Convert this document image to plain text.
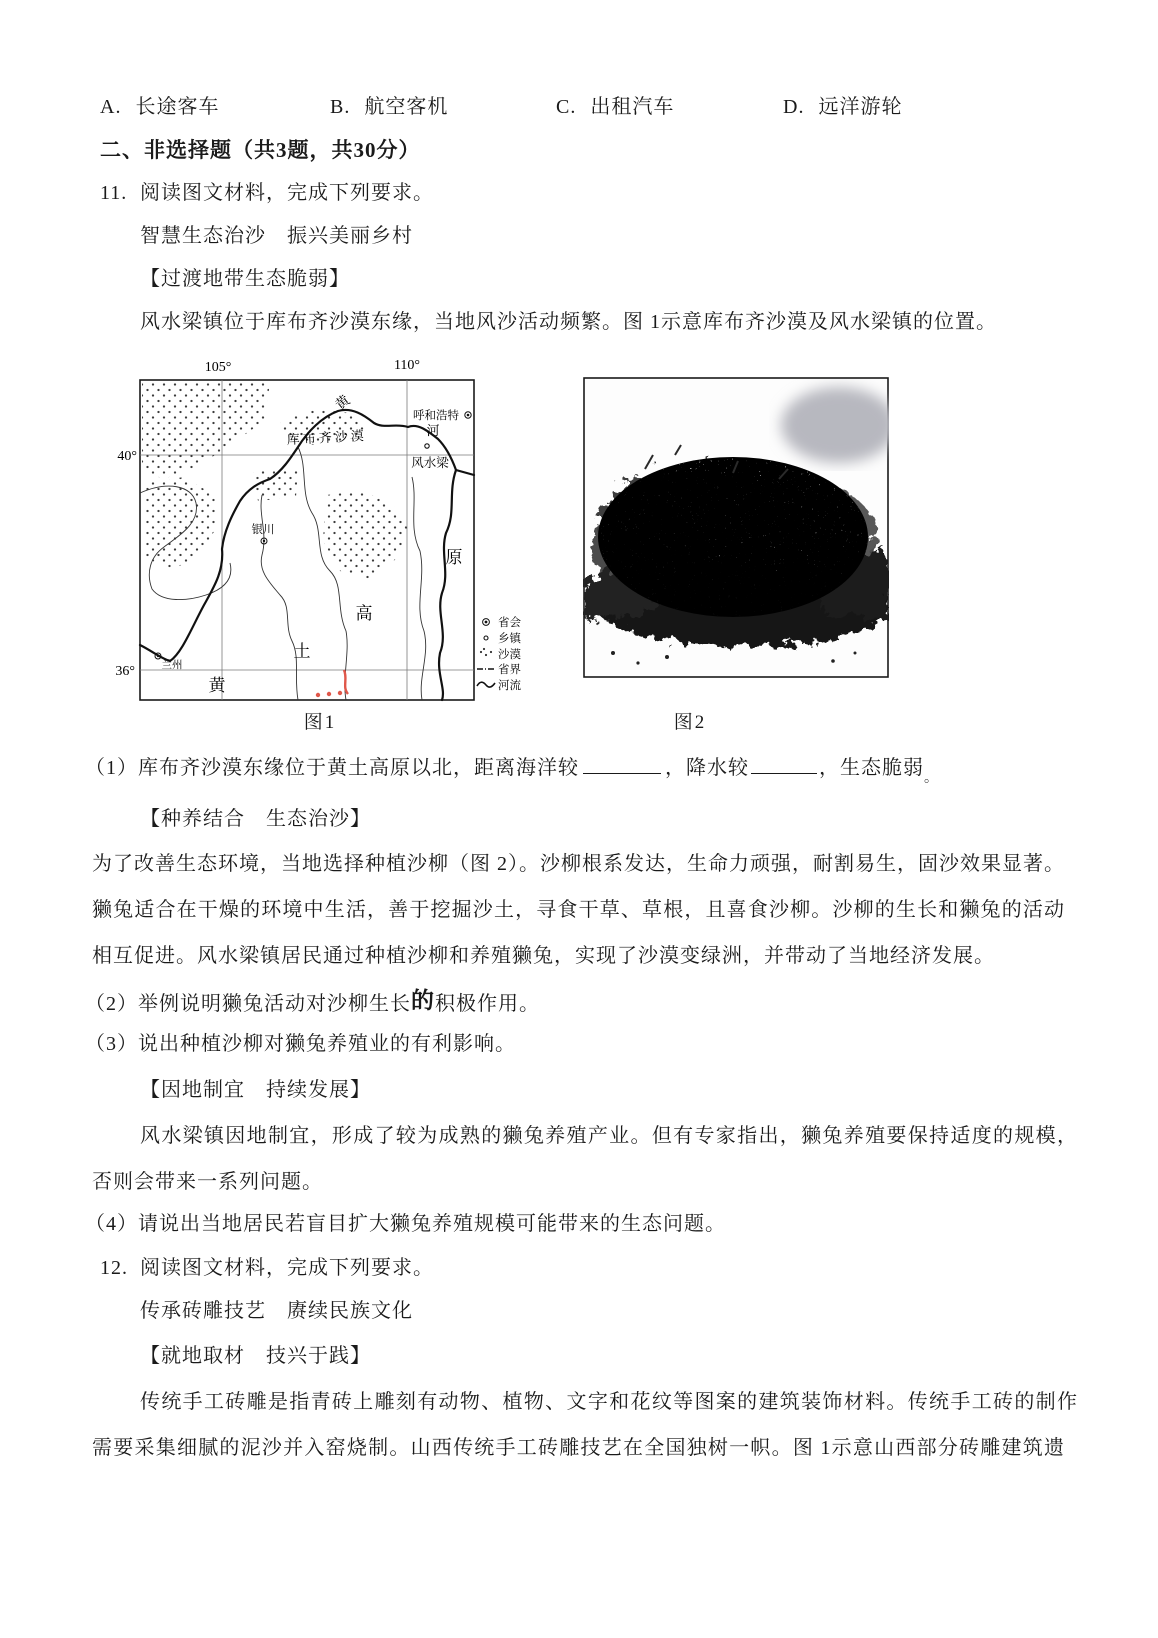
A. 长途客车	B. 航空客机	C. 出租汽车	D. 远洋游轮
二、非选择题（共3题，共30分）
11. 阅读图文材料，完成下列要求。
智慧生态治沙　振兴美丽乡村
【过渡地带生态脆弱】
风水梁镇位于库布齐沙漠东缘，当地风沙活动频繁。图 1示意库布齐沙漠及风水梁镇的位置。
105°	110°
40°
36°
黄
河
库布齐沙漠
呼和浩特
风水梁
银川
兰州
黄
土
高
原
省会
乡镇
沙漠
省界
河流
图1	图2
（1）库布齐沙漠东缘位于黄土高原以北，距离海洋较	，降水较	，生态脆弱$_。$
【种养结合　生态治沙】
为了改善生态环境，当地选择种植沙柳（图 2）。沙柳根系发达，生命力顽强，耐割易生，固沙效果显著。
獭兔适合在干燥的环境中生活，善于挖掘沙土，寻食干草、草根，且喜食沙柳。沙柳的生长和獭兔的活动
相互促进。风水梁镇居民通过种植沙柳和养殖獭兔，实现了沙漠变绿洲，并带动了当地经济发展。
（2）举例说明獭兔活动对沙柳生长的积极作用。
（3）说出种植沙柳对獭兔养殖业的有利影响。
【因地制宜　持续发展】
风水梁镇因地制宜，形成了较为成熟的獭兔养殖产业。但有专家指出，獭兔养殖要保持适度的规模，
否则会带来一系列问题。
（4）请说出当地居民若盲目扩大獭兔养殖规模可能带来的生态问题。
12. 阅读图文材料，完成下列要求。
传承砖雕技艺　赓续民族文化
【就地取材　技兴于践】
传统手工砖雕是指青砖上雕刻有动物、植物、文字和花纹等图案的建筑装饰材料。传统手工砖的制作
需要采集细腻的泥沙并入窑烧制。山西传统手工砖雕技艺在全国独树一帜。图 1示意山西部分砖雕建筑遗
